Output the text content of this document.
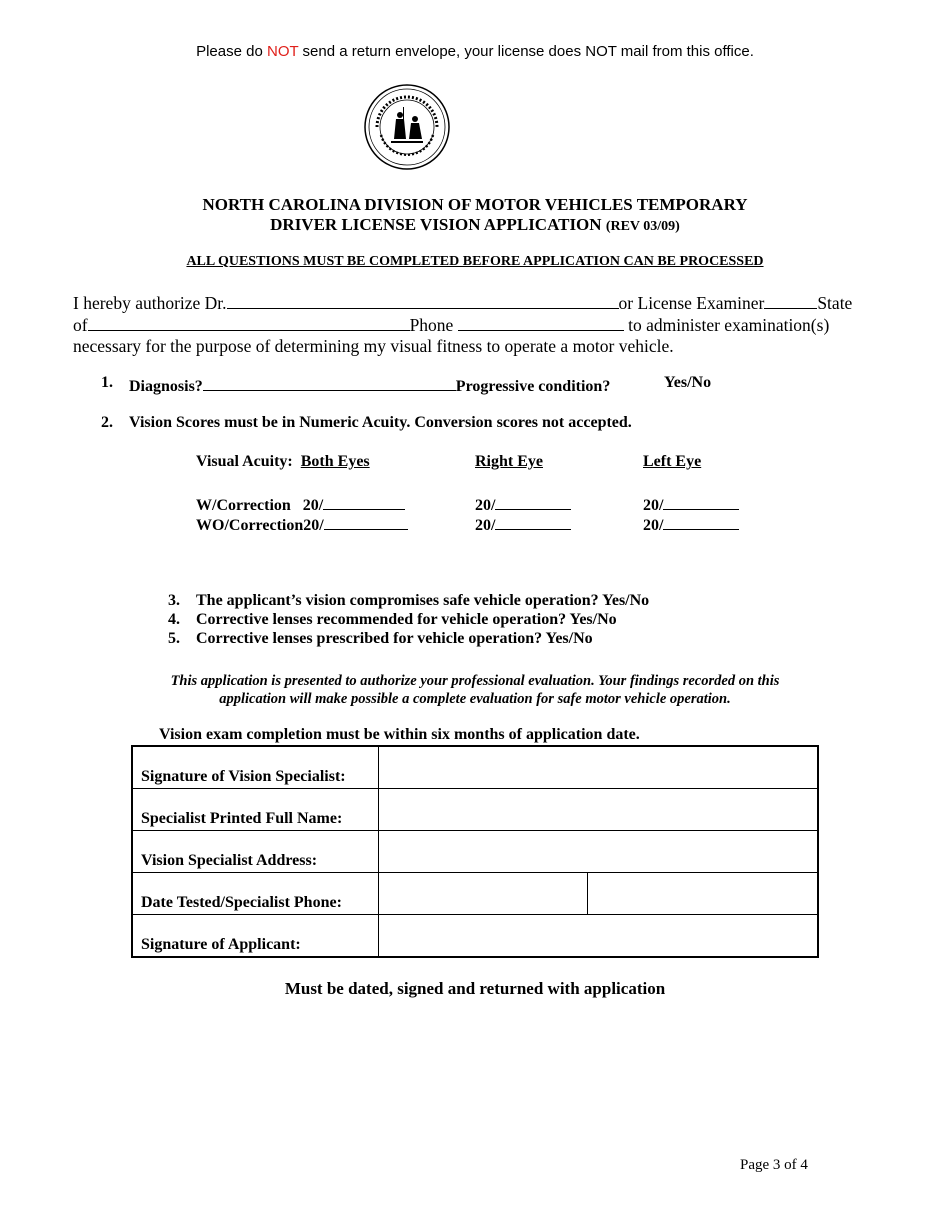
Please do NOT send a return envelope, your license does NOT mail from this office.
NORTH CAROLINA DIVISION OF MOTOR VEHICLES TEMPORARY
DRIVER LICENSE VISION APPLICATION (REV 03/09)
ALL QUESTIONS MUST BE COMPLETED BEFORE APPLICATION CAN BE PROCESSED
I hereby authorize Dr.	or License Examiner	State
of	Phone	to administer examination(s)
necessary for the purpose of determining my visual fitness to operate a motor vehicle.
1. Diagnosis?	Progressive condition?	Yes/No
2. Vision Scores must be in Numeric Acuity. Conversion scores not accepted.
Visual Acuity: Both Eyes	Right Eye	Left Eye
W/Correction 20/	20/	20/
WO/Correction20/	20/	20/
3. The applicant’s vision compromises safe vehicle operation? Yes/No
4. Corrective lenses recommended for vehicle operation? Yes/No
5. Corrective lenses prescribed for vehicle operation? Yes/No
This application is presented to authorize your professional evaluation. Your findings recorded on this
application will make possible a complete evaluation for safe motor vehicle operation.
Vision exam completion must be within six months of application date.
Signature of Vision Specialist:		
Specialist Printed Full Name:		
Vision Specialist Address:		
Date Tested/Specialist Phone:		
Signature of Applicant:		
Must be dated, signed and returned with application
Page 3 of 4
